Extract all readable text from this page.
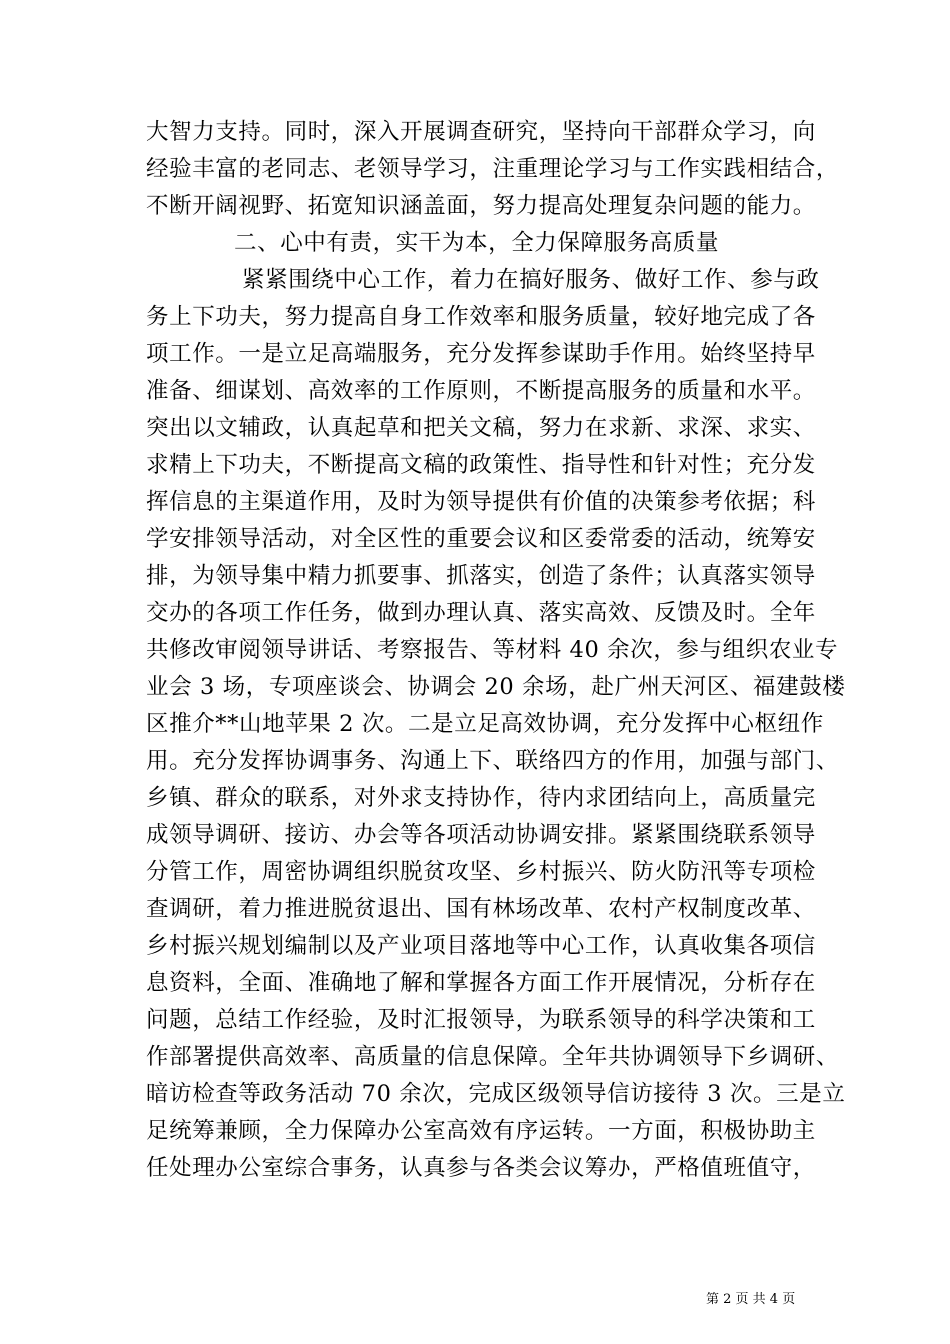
大智力支持。同时，深入开展调查研究，坚持向干部群众学习，向
经验丰富的老同志、老领导学习，注重理论学习与工作实践相结合，
不断开阔视野、拓宽知识涵盖面，努力提高处理复杂问题的能力。
二、心中有责，实干为本，全力保障服务高质量
紧紧围绕中心工作，着力在搞好服务、做好工作、参与政
务上下功夫，努力提高自身工作效率和服务质量，较好地完成了各
项工作。一是立足高端服务，充分发挥参谋助手作用。始终坚持早
准备、细谋划、高效率的工作原则，不断提高服务的质量和水平。
突出以文辅政，认真起草和把关文稿，努力在求新、求深、求实、
求精上下功夫，不断提高文稿的政策性、指导性和针对性；充分发
挥信息的主渠道作用，及时为领导提供有价值的决策参考依据；科
学安排领导活动，对全区性的重要会议和区委常委的活动，统筹安
排，为领导集中精力抓要事、抓落实，创造了条件；认真落实领导
交办的各项工作任务，做到办理认真、落实高效、反馈及时。全年
共修改审阅领导讲话、考察报告、等材料 40 余次，参与组织农业专
业会 3 场，专项座谈会、协调会 20 余场，赴广州天河区、福建鼓楼
区推介**山地苹果 2 次。二是立足高效协调，充分发挥中心枢纽作
用。充分发挥协调事务、沟通上下、联络四方的作用，加强与部门、
乡镇、群众的联系，对外求支持协作，待内求团结向上，高质量完
成领导调研、接访、办会等各项活动协调安排。紧紧围绕联系领导
分管工作，周密协调组织脱贫攻坚、乡村振兴、防火防汛等专项检
查调研，着力推进脱贫退出、国有林场改革、农村产权制度改革、
乡村振兴规划编制以及产业项目落地等中心工作，认真收集各项信
息资料，全面、准确地了解和掌握各方面工作开展情况，分析存在
问题，总结工作经验，及时汇报领导，为联系领导的科学决策和工
作部署提供高效率、高质量的信息保障。全年共协调领导下乡调研、
暗访检查等政务活动 70 余次，完成区级领导信访接待 3 次。三是立
足统筹兼顾，全力保障办公室高效有序运转。一方面，积极协助主
任处理办公室综合事务，认真参与各类会议筹办，严格值班值守，
第 2 页 共 4 页
